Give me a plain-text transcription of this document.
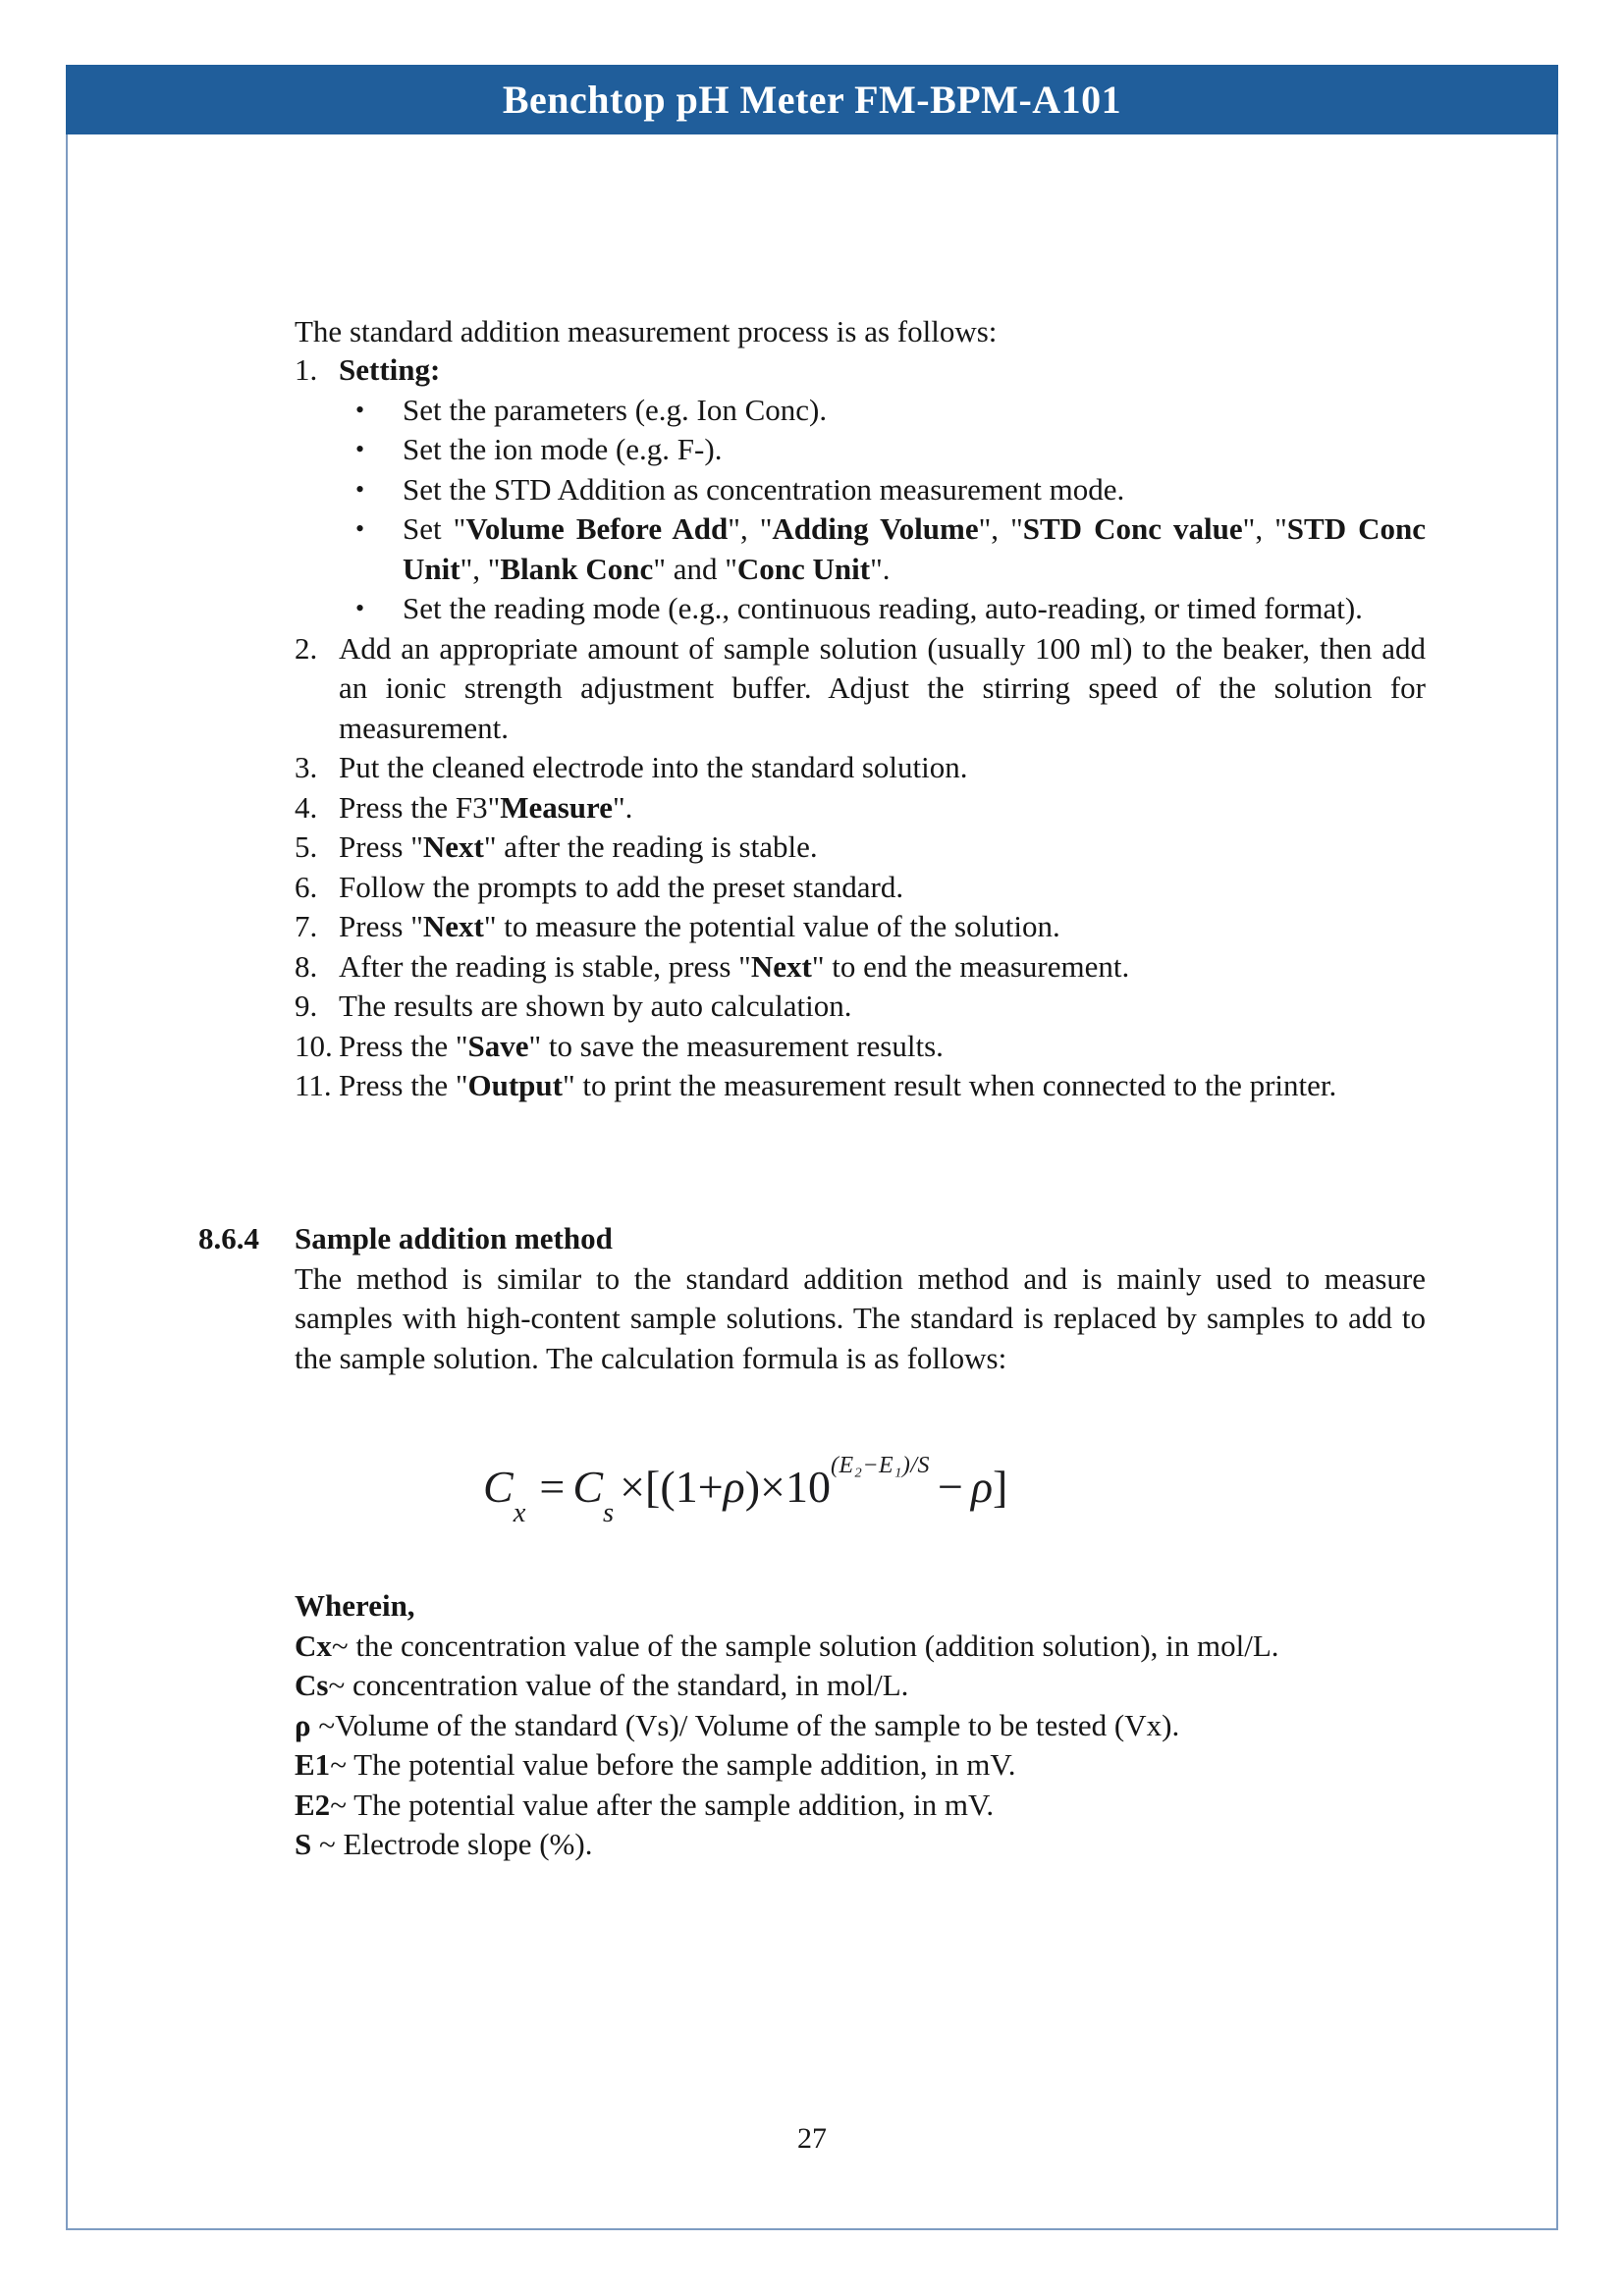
Benchtop pH Meter FM-BPM-A101
The standard addition measurement process is as follows:
1. Setting:
•	Set the parameters (e.g. Ion Conc).
•	Set the ion mode (e.g. F-).
•	Set the STD Addition as concentration measurement mode.
•	Set "Volume Before Add", "Adding Volume", "STD Conc value", "STD Conc Unit", "Blank Conc" and "Conc Unit".
•	Set the reading mode (e.g., continuous reading, auto-reading, or timed format).
2. Add an appropriate amount of sample solution (usually 100 ml) to the beaker, then add an ionic strength adjustment buffer. Adjust the stirring speed of the solution for measurement.
3. Put the cleaned electrode into the standard solution.
4. Press the F3"Measure".
5. Press "Next" after the reading is stable.
6. Follow the prompts to add the preset standard.
7. Press "Next" to measure the potential value of the solution.
8. After the reading is stable, press "Next" to end the measurement.
9. The results are shown by auto calculation.
10. Press the "Save" to save the measurement results.
11. Press the "Output" to print the measurement result when connected to the printer.
8.6.4	Sample addition method
The method is similar to the standard addition method and is mainly used to measure samples with high-content sample solutions. The standard is replaced by samples to add to the sample solution. The calculation formula is as follows:
$C_x= C_s\times[(1+\rho)\times 10^{(E_2-E_1)/S} - \rho]$
Wherein,
Cx~ the concentration value of the sample solution (addition solution), in mol/L.
Cs~ concentration value of the standard, in mol/L.
ρ ~Volume of the standard (Vs)/ Volume of the sample to be tested (Vx).
E1~ The potential value before the sample addition, in mV.
E2~ The potential value after the sample addition, in mV.
S ~ Electrode slope (%).
27
